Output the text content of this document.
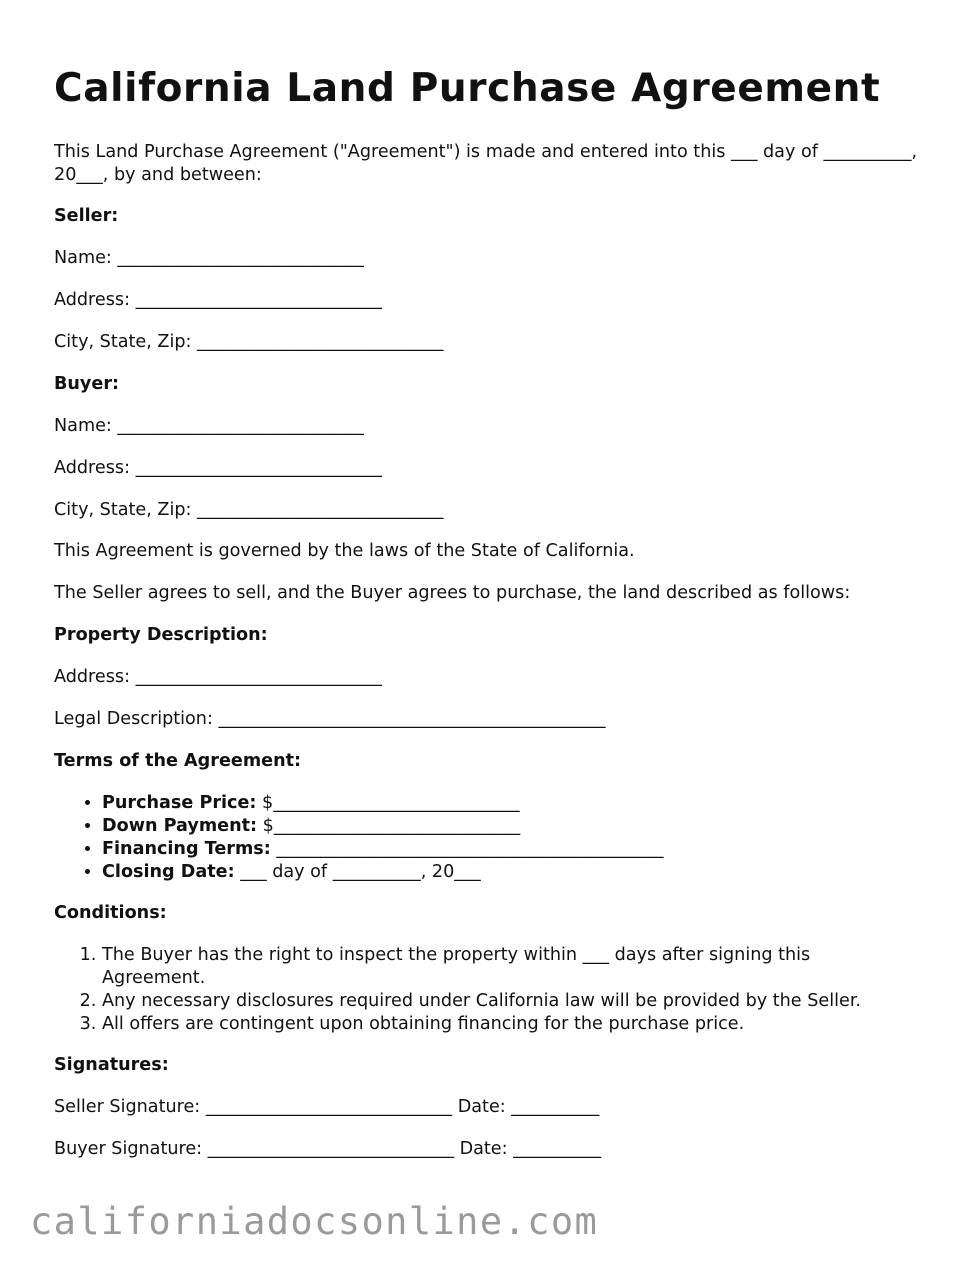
California Land Purchase Agreement
This Land Purchase Agreement ("Agreement") is made and entered into this ___ day of __________, 20___, by and between:
Seller:
Name: ____________________________
Address: ____________________________
City, State, Zip: ____________________________
Buyer:
Name: ____________________________
Address: ____________________________
City, State, Zip: ____________________________
This Agreement is governed by the laws of the State of California.
The Seller agrees to sell, and the Buyer agrees to purchase, the land described as follows:
Property Description:
Address: ____________________________
Legal Description: ____________________________________________
Terms of the Agreement:
• Purchase Price: $____________________________
• Down Payment: $____________________________
• Financing Terms: ____________________________________________
• Closing Date: ___ day of __________, 20___
Conditions:
1. The Buyer has the right to inspect the property within ___ days after signing this Agreement.
2. Any necessary disclosures required under California law will be provided by the Seller.
3. All offers are contingent upon obtaining financing for the purchase price.
Signatures:
Seller Signature: ____________________________ Date: __________
Buyer Signature: ____________________________ Date: __________
californiadocsonline.com
